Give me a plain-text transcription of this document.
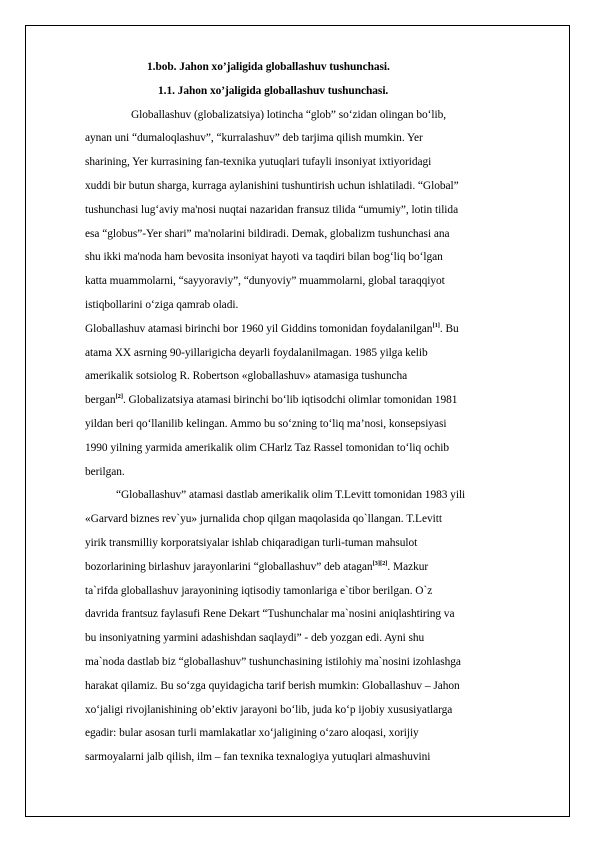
1.bob. Jahon xo’jaligida globallashuv tushunchasi.
1.1. Jahon xo’jaligida globallashuv tushunchasi.
Globallashuv (globalizatsiya) lotincha “glob” so‘zidan olingan bo‘lib,
aynan uni “dumaloqlashuv”, “kurralashuv” deb tarjima qilish mumkin. Yer
sharining, Yer kurrasining fan-texnika yutuqlari tufayli insoniyat ixtiyoridagi
xuddi bir butun sharga, kurraga aylanishini tushuntirish uchun ishlatiladi. “Global”
tushunchasi lug‘aviy ma'nosi nuqtai nazaridan fransuz tilida “umumiy”, lotin tilida
esa “globus”-Yer shari” ma'nolarini bildiradi. Demak, globalizm tushunchasi ana
shu ikki ma'noda ham bevosita insoniyat hayoti va taqdiri bilan bog‘liq bo‘lgan
katta muammolarni, “sayyoraviy”, “dunyoviy” muammolarni, global taraqqiyot
istiqbollarini o‘ziga qamrab oladi.
Globallashuv atamasi birinchi bor 1960 yil Giddins tomonidan foydalanilgan[1]. Bu
atama XX asrning 90-yillarigicha deyarli foydalanilmagan. 1985 yilga kelib
amerikalik sotsiolog R. Robertson «globallashuv» atamasiga tushuncha
bergan[2]. Globalizatsiya atamasi birinchi bo‘lib iqtisodchi olimlar tomonidan 1981
yildan beri qo‘llanilib kelingan. Ammo bu so‘zning to‘liq ma’nosi, konsepsiyasi
1990 yilning yarmida amerikalik olim CHarlz Taz Rassel tomonidan to‘liq ochib
berilgan.
“Globallashuv” atamasi dastlab amerikalik olim T.Levitt tomonidan 1983 yili
«Garvard biznes rev`yu» jurnalida chop qilgan maqolasida qo`llangan. T.Levitt
yirik transmilliy korporatsiyalar ishlab chiqaradigan turli-tuman mahsulot
bozorlarining birlashuv jarayonlarini “globallashuv” deb atagan[3][2]. Mazkur
ta`rifda globallashuv jarayonining iqtisodiy tamonlariga e`tibor berilgan. O`z
davrida frantsuz faylasufi Rene Dekart “Tushunchalar ma`nosini aniqlashtiring va
bu insoniyatning yarmini adashishdan saqlaydi” - deb yozgan edi. Ayni shu
ma`noda dastlab biz “globallashuv” tushunchasining istilohiy ma`nosini izohlashga
harakat qilamiz. Bu so‘zga quyidagicha tarif berish mumkin: Globallashuv – Jahon
xo‘jaligi rivojlanishining ob’ektiv jarayoni bo‘lib, juda ko‘p ijobiy xususiyatlarga
egadir: bular asosan turli mamlakatlar xo‘jaligining o‘zaro aloqasi, xorijiy
sarmoyalarni jalb qilish, ilm – fan texnika texnalogiya yutuqlari almashuvini
